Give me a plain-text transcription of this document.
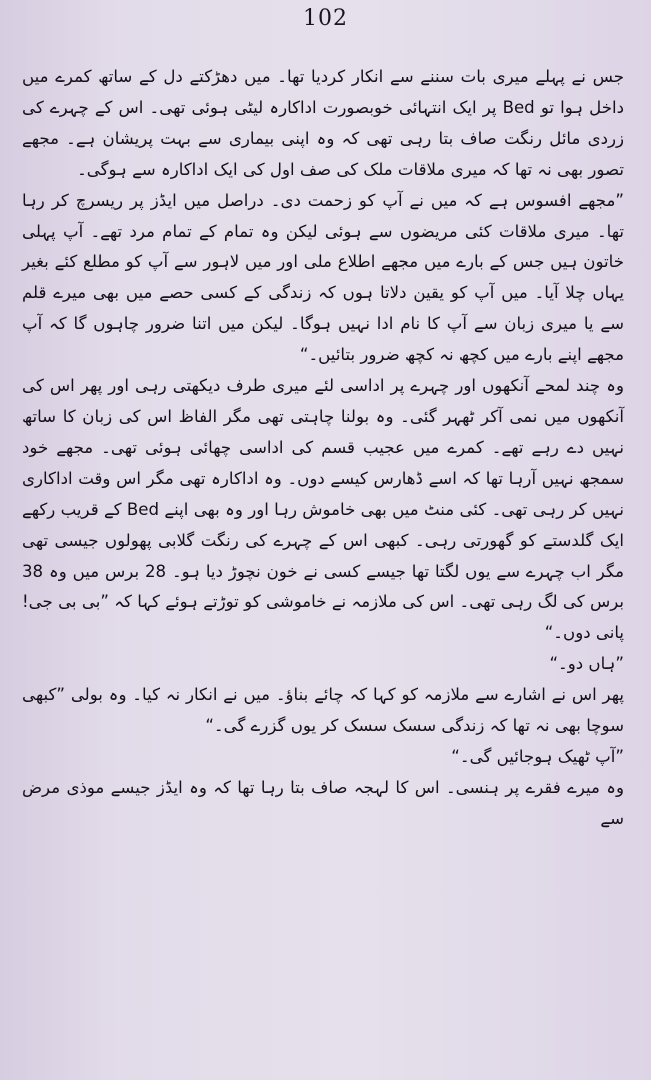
102

جس نے پہلے میری بات سننے سے انکار کردیا تھا۔ میں دھڑکتے دل کے ساتھ کمرے میں داخل ہوا تو Bed پر ایک انتہائی خوبصورت اداکارہ لیٹی ہوئی تھی۔ اس کے چہرے کی زردی مائل رنگت صاف بتا رہی تھی کہ وہ اپنی بیماری سے بہت پریشان ہے۔ مجھے تصور بھی نہ تھا کہ میری ملاقات ملک کی صف اول کی ایک اداکارہ سے ہوگی۔

”مجھے افسوس ہے کہ میں نے آپ کو زحمت دی۔ دراصل میں ایڈز پر ریسرچ کر رہا تھا۔ میری ملاقات کئی مریضوں سے ہوئی لیکن وہ تمام کے تمام مرد تھے۔ آپ پہلی خاتون ہیں جس کے بارے میں مجھے اطلاع ملی اور میں لاہور سے آپ کو مطلع کئے بغیر یہاں چلا آیا۔ میں آپ کو یقین دلاتا ہوں کہ زندگی کے کسی حصے میں بھی میرے قلم سے یا میری زبان سے آپ کا نام ادا نہیں ہوگا۔ لیکن میں اتنا ضرور چاہوں گا کہ آپ مجھے اپنے بارے میں کچھ نہ کچھ ضرور بتائیں۔“

وہ چند لمحے آنکھوں اور چہرے پر اداسی لئے میری طرف دیکھتی رہی اور پھر اس کی آنکھوں میں نمی آکر ٹھہر گئی۔ وہ بولنا چاہتی تھی مگر الفاظ اس کی زبان کا ساتھ نہیں دے رہے تھے۔ کمرے میں عجیب قسم کی اداسی چھائی ہوئی تھی۔ مجھے خود سمجھ نہیں آرہا تھا کہ اسے ڈھارس کیسے دوں۔ وہ اداکارہ تھی مگر اس وقت اداکاری نہیں کر رہی تھی۔ کئی منٹ میں بھی خاموش رہا اور وہ بھی اپنے Bed کے قریب رکھے ایک گلدستے کو گھورتی رہی۔ کبھی اس کے چہرے کی رنگت گلابی پھولوں جیسی تھی مگر اب چہرے سے یوں لگتا تھا جیسے کسی نے خون نچوڑ دیا ہو۔ 28 برس میں وہ 38 برس کی لگ رہی تھی۔ اس کی ملازمہ نے خاموشی کو توڑتے ہوئے کہا کہ ”بی بی جی! پانی دوں۔“

”ہاں دو۔“

پھر اس نے اشارے سے ملازمہ کو کہا کہ چائے بناؤ۔ میں نے انکار نہ کیا۔ وہ بولی ”کبھی سوچا بھی نہ تھا کہ زندگی سسک سسک کر یوں گزرے گی۔“

”آپ ٹھیک ہوجائیں گی۔“

وہ میرے فقرے پر ہنسی۔ اس کا لہجہ صاف بتا رہا تھا کہ وہ ایڈز جیسے موذی مرض سے
